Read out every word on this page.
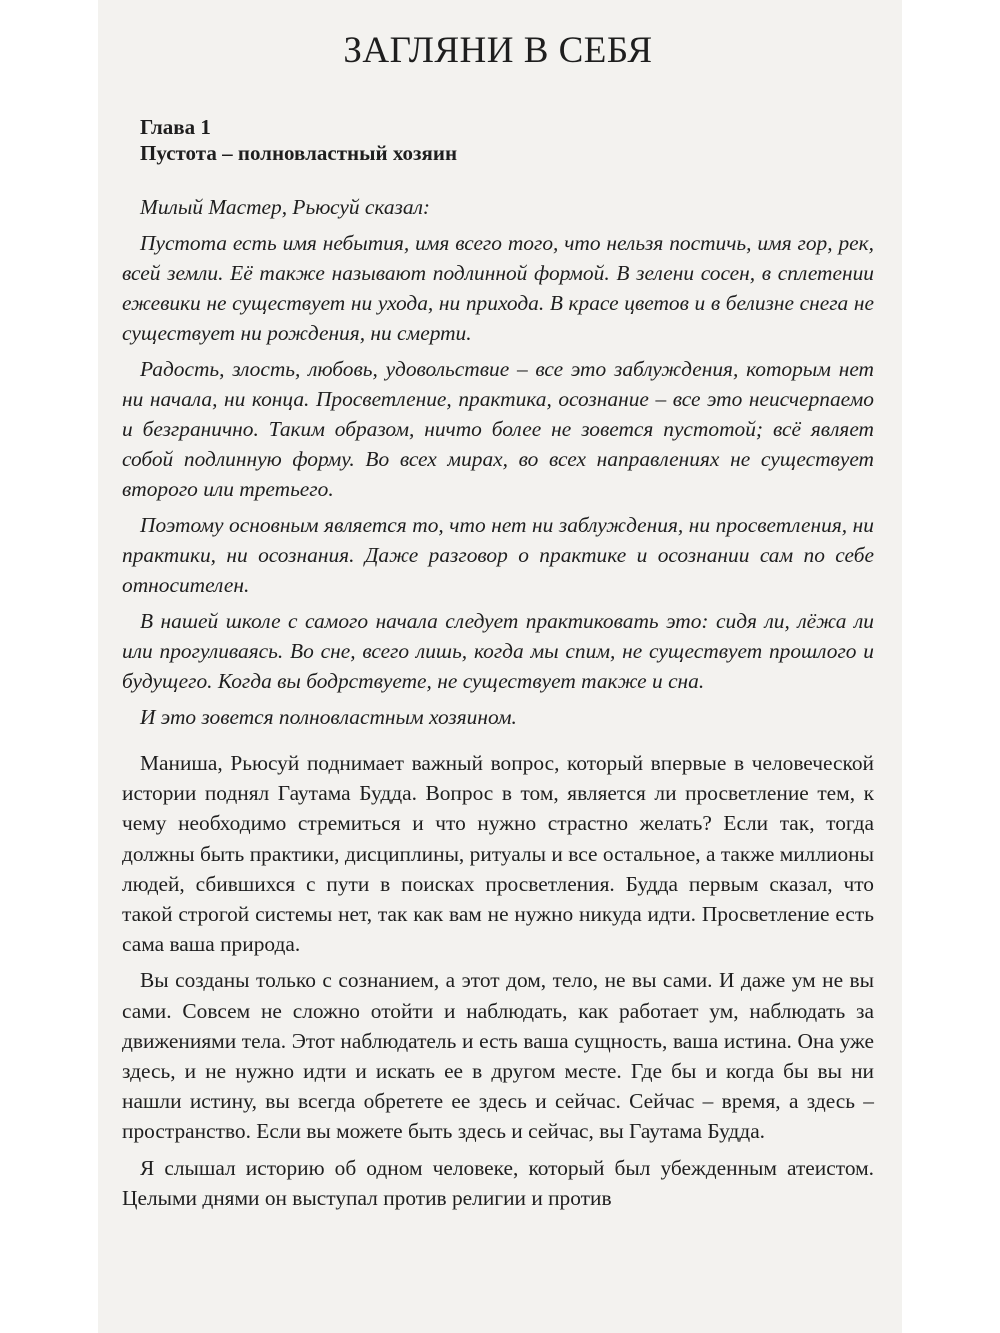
ЗАГЛЯНИ В СЕБЯ
Глава 1
Пустота – полновластный хозяин

Милый Мастер, Рьюсуй сказал:

Пустота есть имя небытия, имя всего того, что нельзя постичь, имя гор, рек, всей земли. Её также называют подлинной формой. В зелени сосен, в сплетении ежевики не существует ни ухода, ни прихода. В красе цветов и в белизне снега не существует ни рождения, ни смерти.

Радость, злость, любовь, удовольствие – все это заблуждения, которым нет ни начала, ни конца. Просветление, практика, осознание – все это неисчерпаемо и безгранично. Таким образом, ничто более не зовется пустотой; всё являет собой подлинную форму. Во всех мирах, во всех направлениях не существует второго или третьего.

Поэтому основным является то, что нет ни заблуждения, ни просветления, ни практики, ни осознания. Даже разговор о практике и осознании сам по себе относителен.

В нашей школе с самого начала следует практиковать это: сидя ли, лёжа ли или прогуливаясь. Во сне, всего лишь, когда мы спим, не существует прошлого и будущего. Когда вы бодрствуете, не существует также и сна.

И это зовется полновластным хозяином.

Маниша, Рьюсуй поднимает важный вопрос, который впервые в человеческой истории поднял Гаутама Будда. Вопрос в том, является ли просветление тем, к чему необходимо стремиться и что нужно страстно желать? Если так, тогда должны быть практики, дисциплины, ритуалы и все остальное, а также миллионы людей, сбившихся с пути в поисках просветления. Будда первым сказал, что такой строгой системы нет, так как вам не нужно никуда идти. Просветление есть сама ваша природа.

Вы созданы только с сознанием, а этот дом, тело, не вы сами. И даже ум не вы сами. Совсем не сложно отойти и наблюдать, как работает ум, наблюдать за движениями тела. Этот наблюдатель и есть ваша сущность, ваша истина. Она уже здесь, и не нужно идти и искать ее в другом месте. Где бы и когда бы вы ни нашли истину, вы всегда обретете ее здесь и сейчас. Сейчас – время, а здесь – пространство. Если вы можете быть здесь и сейчас, вы Гаутама Будда.

Я слышал историю об одном человеке, который был убежденным атеистом. Целыми днями он выступал против религии и против
